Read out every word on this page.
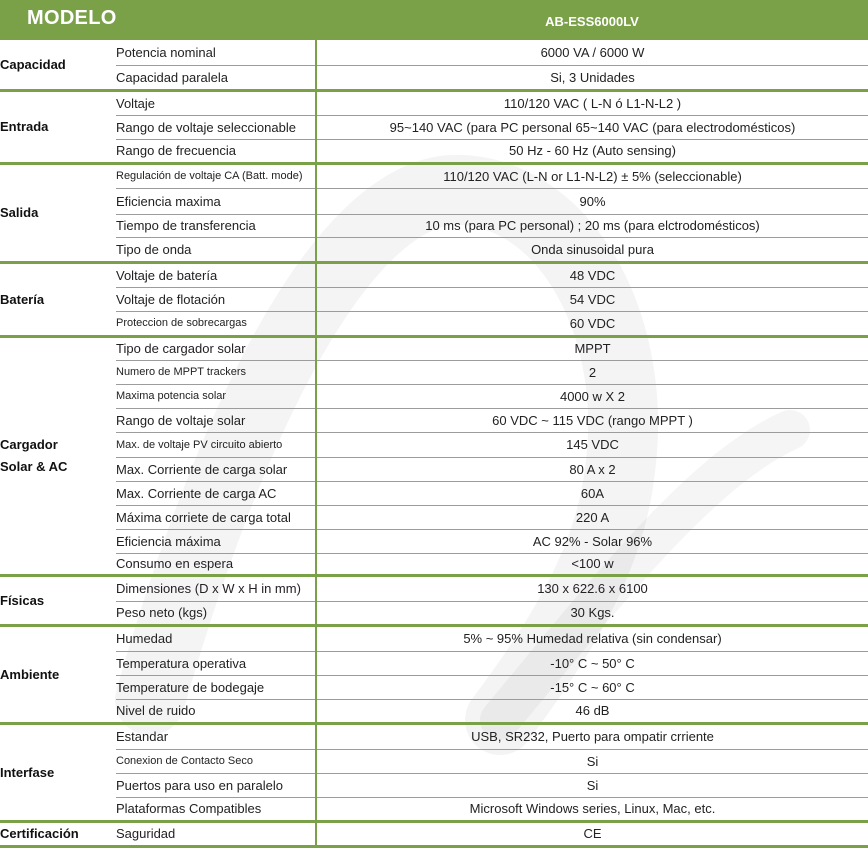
MODELO	AB-ESS6000LV
Capacidad	Potencia nominal	6000 VA / 6000 W
	Capacidad paralela	Si, 3 Unidades
Entrada	Voltaje	110/120 VAC ( L-N ó L1-N-L2 )
	Rango de voltaje seleccionable	95~140 VAC (para PC personal 65~140 VAC (para electrodomésticos)
	Rango de frecuencia	50 Hz - 60 Hz (Auto sensing)
Salida	Regulación de voltaje CA (Batt. mode)	110/120 VAC (L-N or L1-N-L2) ± 5% (seleccionable)
	Eficiencia maxima	90%
	Tiempo de transferencia	10 ms (para PC personal) ; 20 ms (para elctrodomésticos)
	Tipo de onda	Onda sinusoidal pura
Batería	Voltaje de batería	48 VDC
	Voltaje de flotación	54 VDC
	Proteccion de sobrecargas	60 VDC

Cargador
Solar & AC	Tipo de cargador solar	MPPT
	Numero de MPPT trackers	2
	Maxima potencia solar	4000 w X 2
	Rango de voltaje solar	60 VDC ~ 115 VDC (rango MPPT )
	Max. de voltaje PV circuito abierto	145 VDC
	Max. Corriente de carga solar	80 A x 2
	Max. Corriente de carga AC	60A
	Máxima corriete de carga total	220 A
	Eficiencia máxima	AC 92% - Solar 96%
	Consumo en espera	<100 w
Físicas	Dimensiones (D x W x H in mm)	130 x 622.6 x 6100
	Peso neto (kgs)	30 Kgs.
Ambiente	Humedad	5% ~ 95% Humedad relativa (sin condensar)
	Temperatura operativa	-10° C ~ 50° C
	Temperature de bodegaje	-15° C ~ 60° C
	Nivel de ruido	46 dB
Interfase	Estandar	USB, SR232, Puerto para ompatir crriente
	Conexion de Contacto Seco	Si
	Puertos para uso en paralelo	Si
	Plataformas Compatibles	Microsoft Windows series, Linux, Mac, etc.
Certificación	Saguridad	CE
